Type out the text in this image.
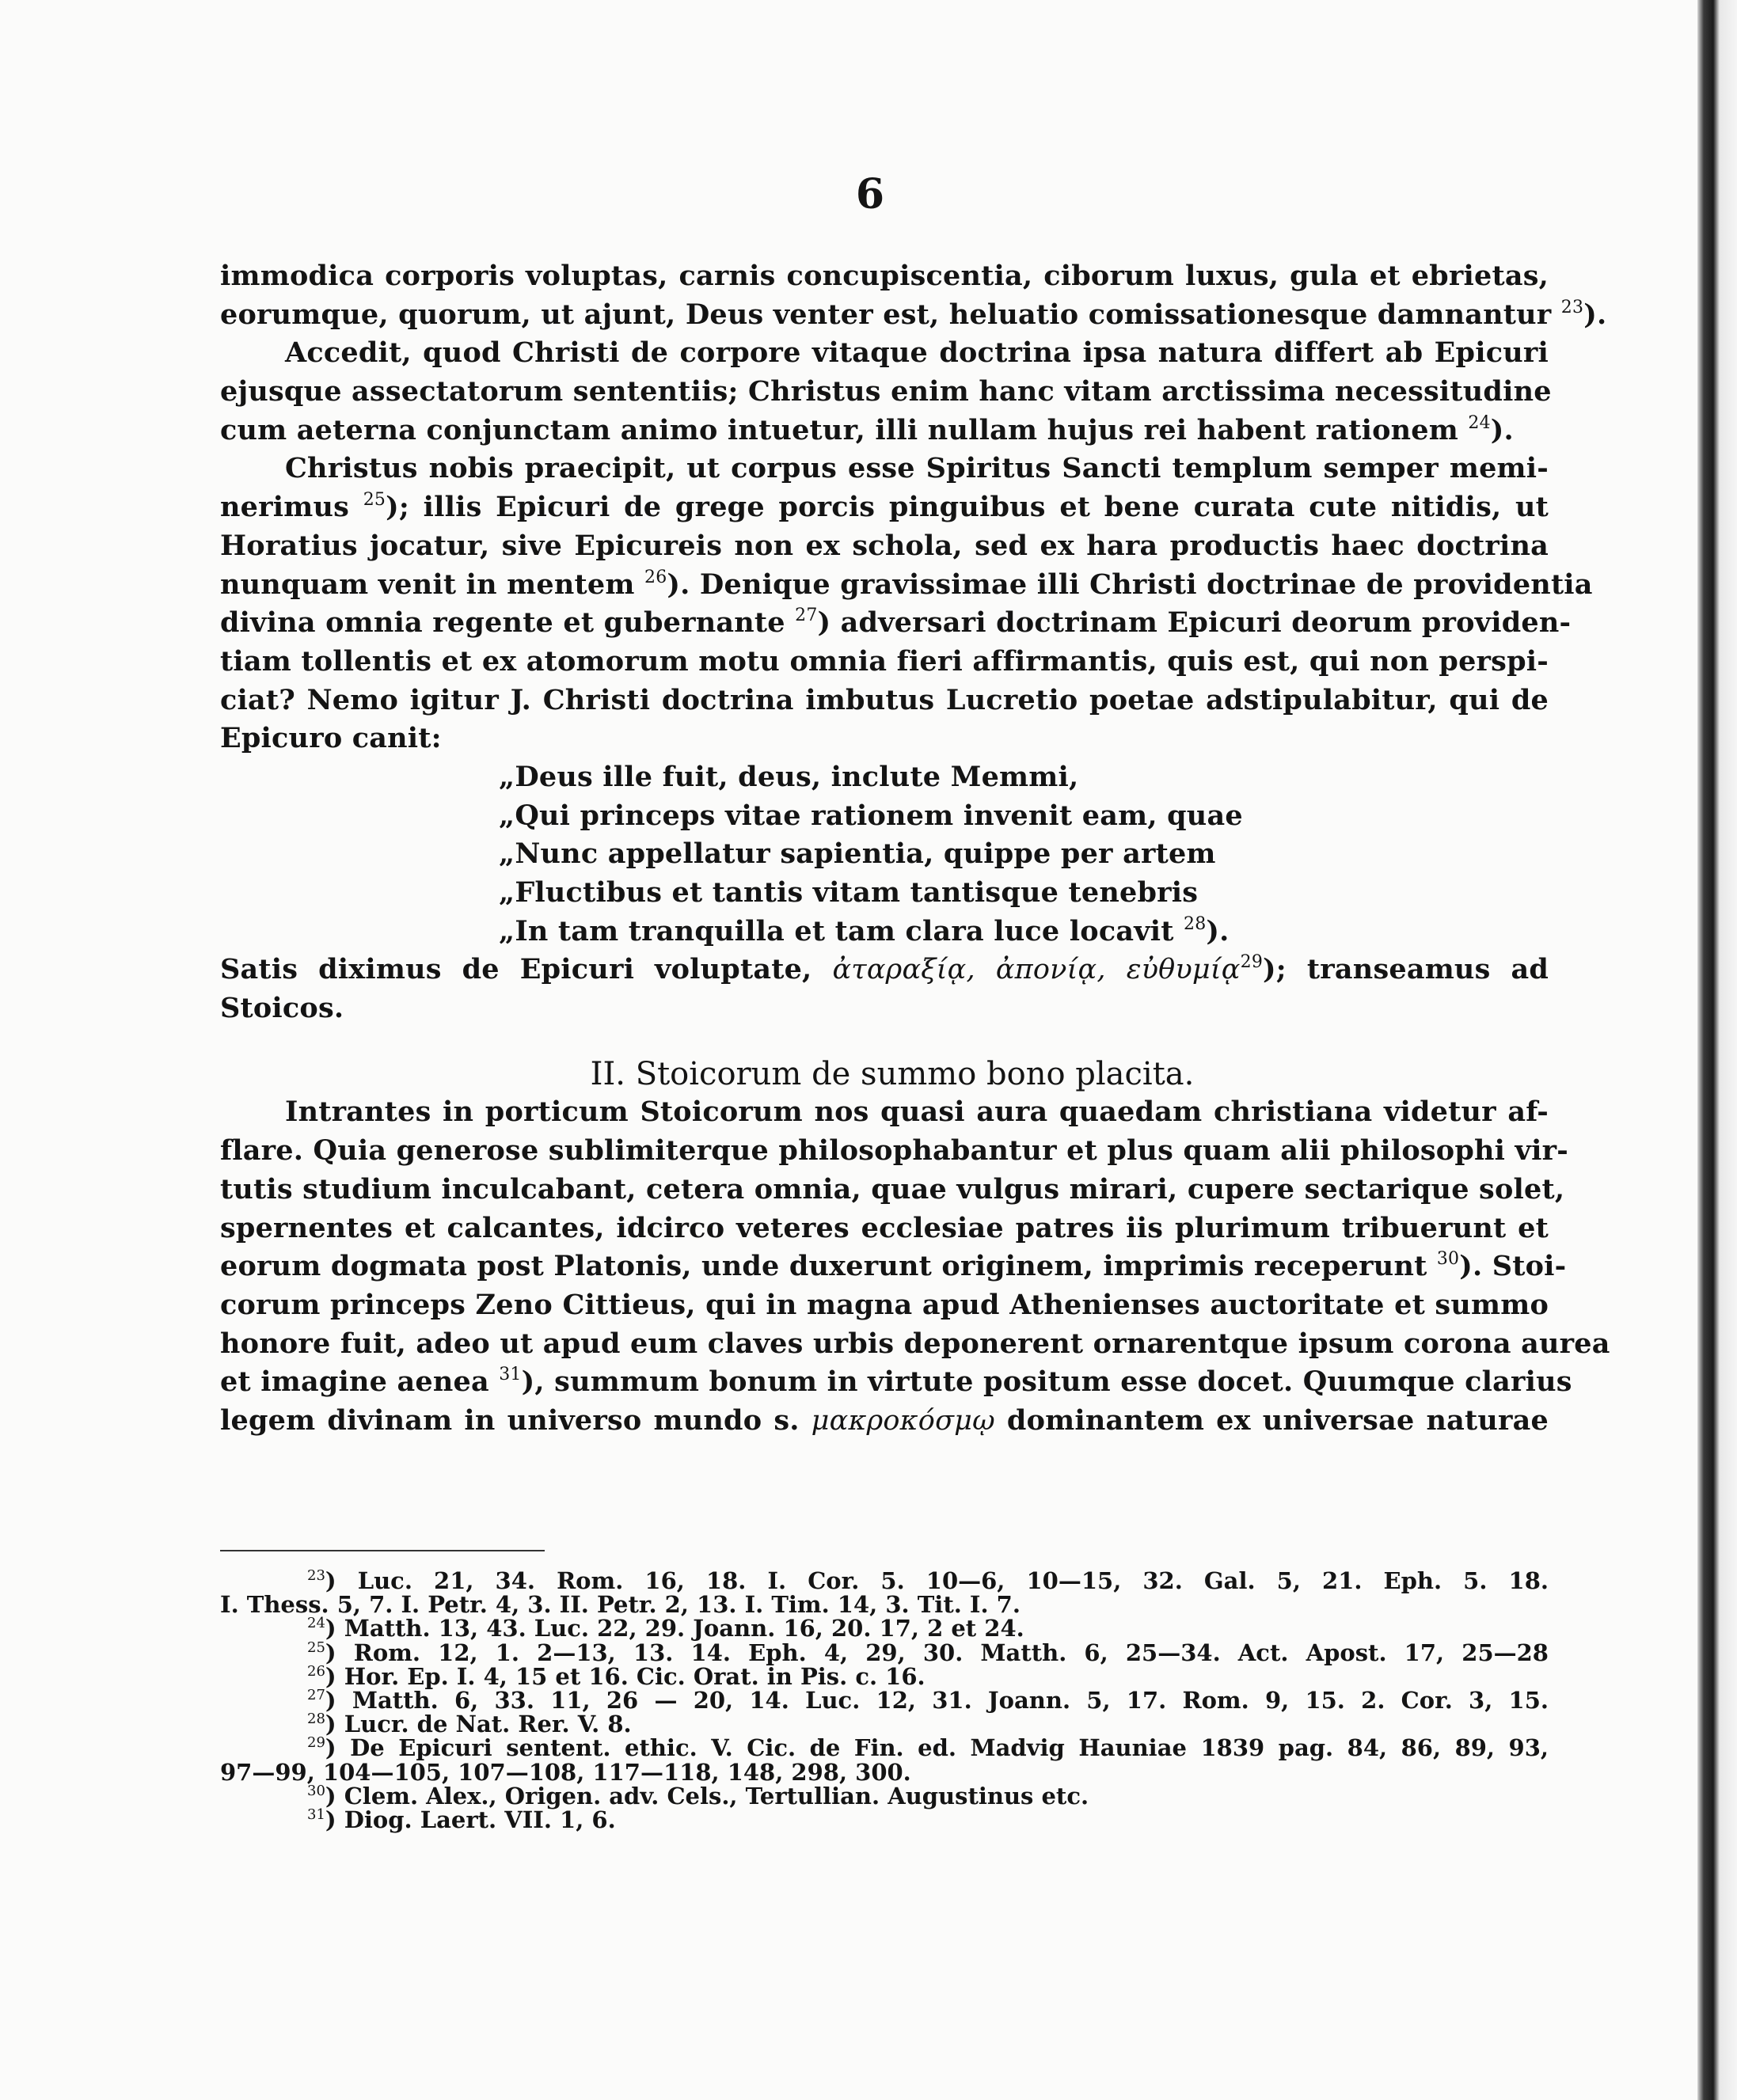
6
immodica corporis voluptas, carnis concupiscentia, ciborum luxus, gula et ebrietas,
eorumque, quorum, ut ajunt, Deus venter est, heluatio comissationesque damnantur $^{23}$).
Accedit, quod Christi de corpore vitaque doctrina ipsa natura differt ab Epicuri
ejusque assectatorum sententiis; Christus enim hanc vitam arctissima necessitudine
cum aeterna conjunctam animo intuetur, illi nullam hujus rei habent rationem $^{24}$).
Christus nobis praecipit, ut corpus esse Spiritus Sancti templum semper memi-
nerimus $^{25}$); illis Epicuri de grege porcis pinguibus et bene curata cute nitidis, ut
Horatius jocatur, sive Epicureis non ex schola, sed ex hara productis haec doctrina
nunquam venit in mentem $^{26}$). Denique gravissimae illi Christi doctrinae de providentia
divina omnia regente et gubernante $^{27}$) adversari doctrinam Epicuri deorum providen-
tiam tollentis et ex atomorum motu omnia fieri affirmantis, quis est, qui non perspi-
ciat? Nemo igitur J. Christi doctrina imbutus Lucretio poetae adstipulabitur, qui de
Epicuro canit:
„Deus ille fuit, deus, inclute Memmi,
„Qui princeps vitae rationem invenit eam, quae
„Nunc appellatur sapientia, quippe per artem
„Fluctibus et tantis vitam tantisque tenebris
„In tam tranquilla et tam clara luce locavit $^{28}$).
Satis diximus de Epicuri voluptate, ἀταραξίᾳ, ἀπονίᾳ, εὐθυμίᾳ$^{29}$); transeamus ad
Stoicos.
II. Stoicorum de summo bono placita.
Intrantes in porticum Stoicorum nos quasi aura quaedam christiana videtur af-
flare. Quia generose sublimiterque philosophabantur et plus quam alii philosophi vir-
tutis studium inculcabant, cetera omnia, quae vulgus mirari, cupere sectarique solet,
spernentes et calcantes, idcirco veteres ecclesiae patres iis plurimum tribuerunt et
eorum dogmata post Platonis, unde duxerunt originem, imprimis receperunt $^{30}$). Stoi-
corum princeps Zeno Cittieus, qui in magna apud Athenienses auctoritate et summo
honore fuit, adeo ut apud eum claves urbis deponerent ornarentque ipsum corona aurea
et imagine aenea $^{31}$), summum bonum in virtute positum esse docet. Quumque clarius
legem divinam in universo mundo s. μακροκόσμῳ dominantem ex universae naturae
$^{23}$) Luc. 21, 34. Rom. 16, 18. I. Cor. 5. 10—6, 10—15, 32. Gal. 5, 21. Eph. 5. 18.
I. Thess. 5, 7. I. Petr. 4, 3. II. Petr. 2, 13. I. Tim. 14, 3. Tit. I. 7.
$^{24}$) Matth. 13, 43. Luc. 22, 29. Joann. 16, 20. 17, 2 et 24.
$^{25}$) Rom. 12, 1. 2—13, 13. 14. Eph. 4, 29, 30. Matth. 6, 25—34. Act. Apost. 17, 25—28
$^{26}$) Hor. Ep. I. 4, 15 et 16. Cic. Orat. in Pis. c. 16.
$^{27}$) Matth. 6, 33. 11, 26 — 20, 14. Luc. 12, 31. Joann. 5, 17. Rom. 9, 15. 2. Cor. 3, 15.
$^{28}$) Lucr. de Nat. Rer. V. 8.
$^{29}$) De Epicuri sentent. ethic. V. Cic. de Fin. ed. Madvig Hauniae 1839 pag. 84, 86, 89, 93,
97—99, 104—105, 107—108, 117—118, 148, 298, 300.
$^{30}$) Clem. Alex., Origen. adv. Cels., Tertullian. Augustinus etc.
$^{31}$) Diog. Laert. VII. 1, 6.
